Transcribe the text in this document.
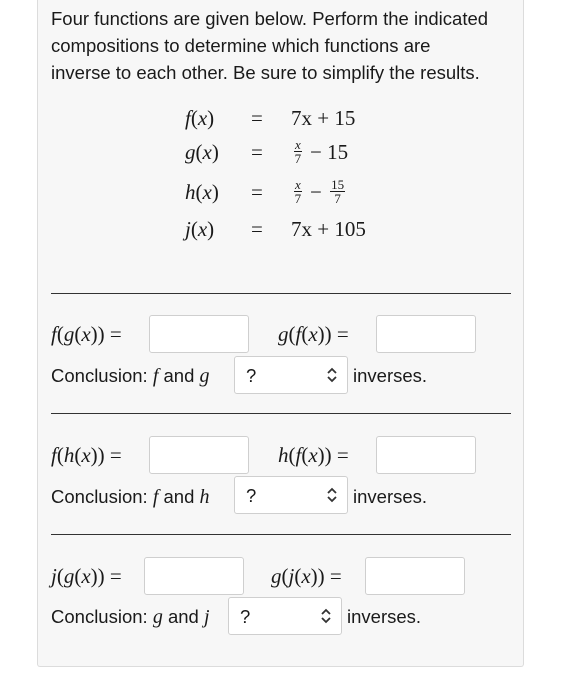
Four functions are given below. Perform the indicated

compositions to determine which functions are

inverse to each other. Be sure to simplify the results.

f(x) = 7x + 15
$g(x) = \frac{x}{7} - 15$
$h(x) = \frac{x}{7} - \frac{15}{7}$
j(x) = 7x + 105
f(g(x)) =	g(f(x)) =
Conclusion: f and g ?	inverses.
f(h(x)) =	h(f(x)) =
Conclusion: f and h ?	inverses.
j(g(x)) =	g(j(x)) =
Conclusion: g and j ?	inverses.
